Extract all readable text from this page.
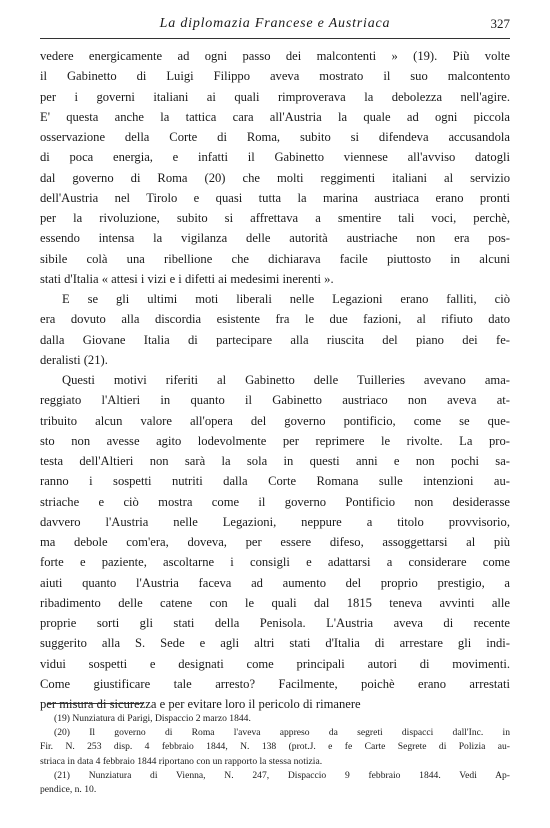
La diplomazia Francese e Austriaca	327
vedere energicamente ad ogni passo dei malcontenti » (19). Più volte
il Gabinetto di Luigi Filippo aveva mostrato il suo malcontento
per i governi italiani ai quali rimproverava la debolezza nell'agire.
E' questa anche la tattica cara all'Austria la quale ad ogni piccola
osservazione della Corte di Roma, subito si difendeva accusandola
di poca energia, e infatti il Gabinetto viennese all'avviso datogli
dal governo di Roma (20) che molti reggimenti italiani al servizio
dell'Austria nel Tirolo e quasi tutta la marina austriaca erano pronti
per la rivoluzione, subito si affrettava a smentire tali voci, perchè,
essendo intensa la vigilanza delle autorità austriache non era pos-
sibile colà una ribellione che dichiarava facile piuttosto in alcuni
stati d'Italia « attesi i vizi e i difetti ai medesimi inerenti ».
E se gli ultimi moti liberali nelle Legazioni erano falliti, ciò
era dovuto alla discordia esistente fra le due fazioni, al rifiuto dato
dalla Giovane Italia di partecipare alla riuscita del piano dei fe-
deralisti (21).
Questi motivi riferiti al Gabinetto delle Tuilleries avevano ama-
reggiato l'Altieri in quanto il Gabinetto austriaco non aveva at-
tribuito alcun valore all'opera del governo pontificio, come se que-
sto non avesse agito lodevolmente per reprimere le rivolte. La pro-
testa dell'Altieri non sarà la sola in questi anni e non pochi sa-
ranno i sospetti nutriti dalla Corte Romana sulle intenzioni au-
striache e ciò mostra come il governo Pontificio non desiderasse
davvero l'Austria nelle Legazioni, neppure a titolo provvisorio,
ma debole com'era, doveva, per essere difeso, assoggettarsi al più
forte e paziente, ascoltarne i consigli e adattarsi a considerare come
aiuti quanto l'Austria faceva ad aumento del proprio prestigio, a
ribadimento delle catene con le quali dal 1815 teneva avvinti alle
proprie sorti gli stati della Penisola. L'Austria aveva di recente
suggerito alla S. Sede e agli altri stati d'Italia di arrestare gli indi-
vidui sospetti e designati come principali autori di movimenti.
Come giustificare tale arresto? Facilmente, poichè erano arrestati
per misura di sicurezza e per evitare loro il pericolo di rimanere
(19) Nunziatura di Parigi, Dispaccio 2 marzo 1844.
(20) Il governo di Roma l'aveva appreso da segreti dispacci dall'Inc. in
Fir. N. 253 disp. 4 febbraio 1844, N. 138 (prot.J. e fe Carte Segrete di Polizia au-
striaca in data 4 febbraio 1844 riportano con un rapporto la stessa notizia.
(21) Nunziatura di Vienna, N. 247, Dispaccio 9 febbraio 1844. Vedi Ap-
pendice, n. 10.
